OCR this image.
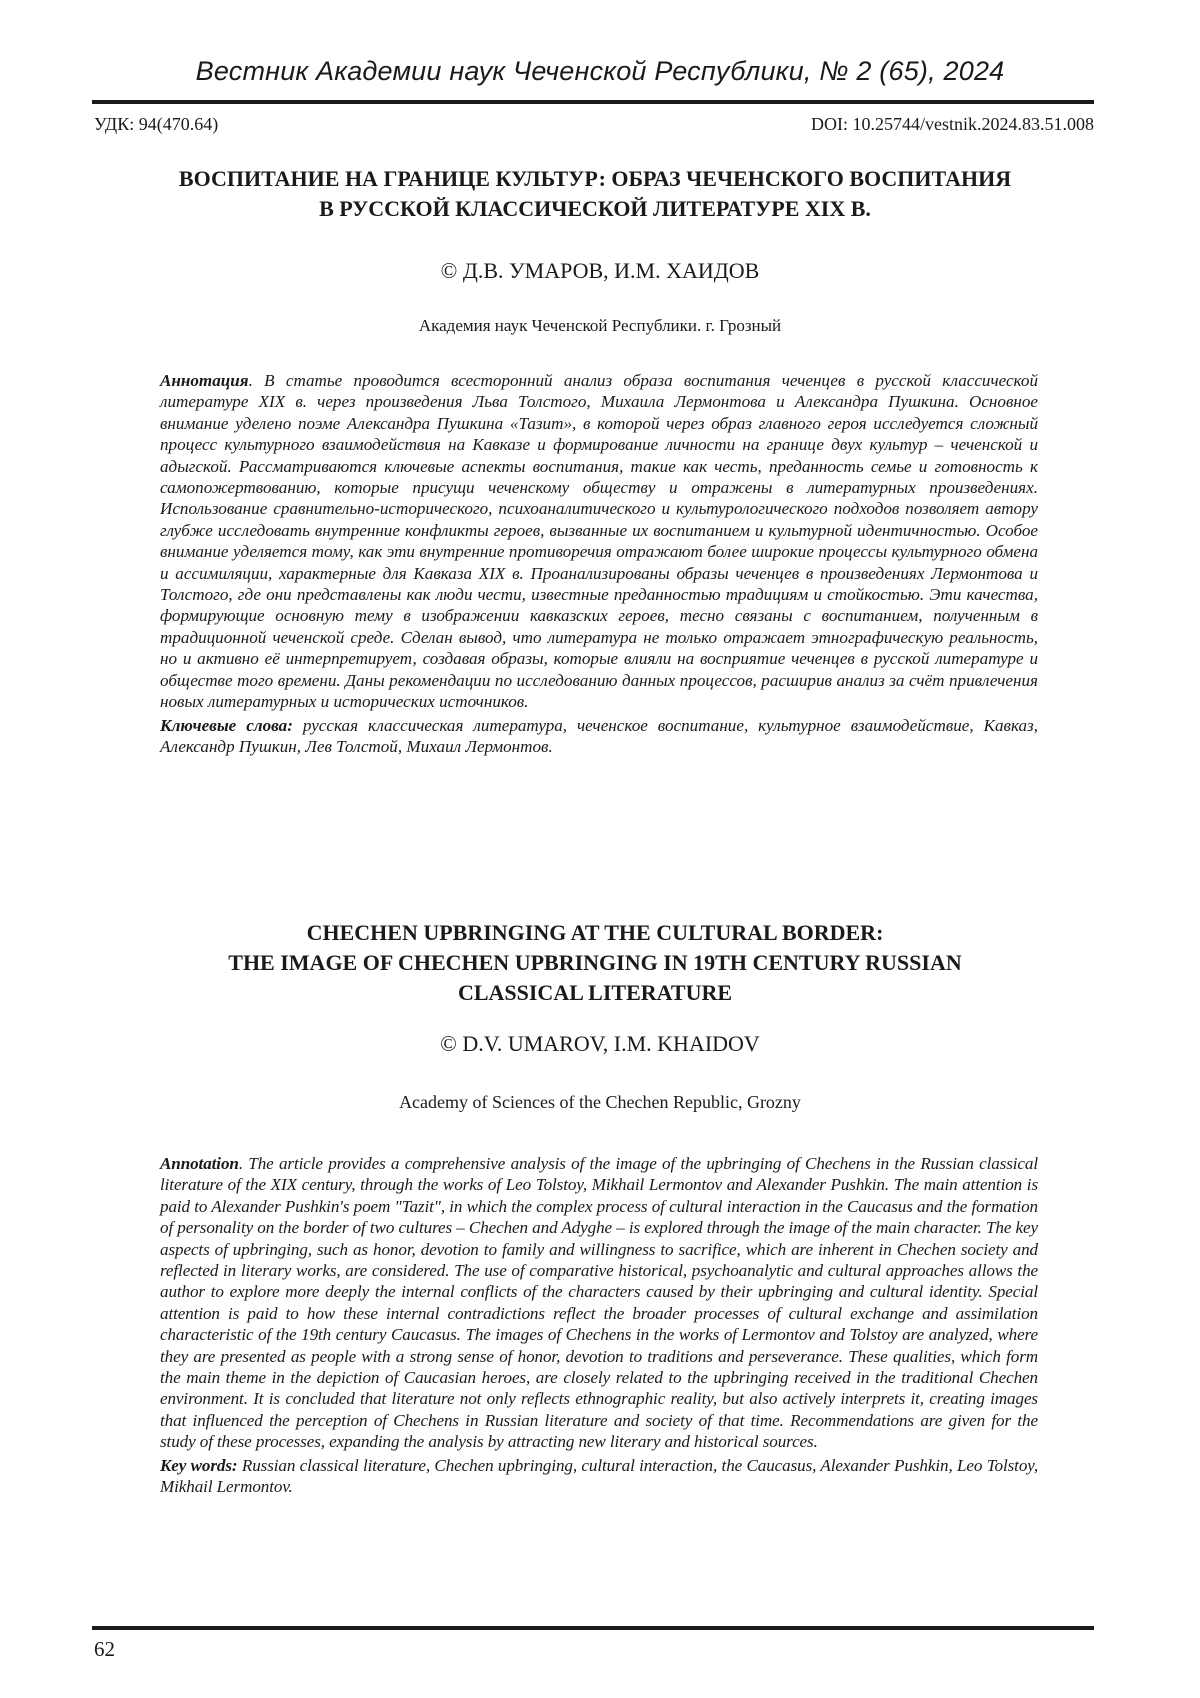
Вестник Академии наук Чеченской Республики, № 2 (65), 2024
УДК: 94(470.64)	DOI: 10.25744/vestnik.2024.83.51.008
ВОСПИТАНИЕ НА ГРАНИЦЕ КУЛЬТУР: ОБРАЗ ЧЕЧЕНСКОГО ВОСПИТАНИЯ
В РУССКОЙ КЛАССИЧЕСКОЙ ЛИТЕРАТУРЕ XIX В.
© Д.В. УМАРОВ, И.М. ХАИДОВ
Академия наук Чеченской Республики. г. Грозный
Аннотация. В статье проводится всесторонний анализ образа воспитания чеченцев в русской классической литературе XIX в. через произведения Льва Толстого, Михаила Лермонтова и Александра Пушкина. Основное внимание уделено поэме Александра Пушкина «Тазит», в которой через образ главного героя исследуется сложный процесс культурного взаимодействия на Кавказе и формирование личности на границе двух культур – чеченской и адыгской. Рассматриваются ключевые аспекты воспитания, такие как честь, преданность семье и готовность к самопожертвованию, которые присущи чеченскому обществу и отражены в литературных произведениях. Использование сравнительно-исторического, психоаналитического и культурологического подходов позволяет автору глубже исследовать внутренние конфликты героев, вызванные их воспитанием и культурной идентичностью. Особое внимание уделяется тому, как эти внутренние противоречия отражают более широкие процессы культурного обмена и ассимиляции, характерные для Кавказа XIX в. Проанализированы образы чеченцев в произведениях Лермонтова и Толстого, где они представлены как люди чести, известные преданностью традициям и стойкостью. Эти качества, формирующие основную тему в изображении кавказских героев, тесно связаны с воспитанием, полученным в традиционной чеченской среде. Сделан вывод, что литература не только отражает этнографическую реальность, но и активно её интерпретирует, создавая образы, которые влияли на восприятие чеченцев в русской литературе и обществе того времени. Даны рекомендации по исследованию данных процессов, расширив анализ за счёт привлечения новых литературных и исторических источников.
Ключевые слова: русская классическая литература, чеченское воспитание, культурное взаимодействие, Кавказ, Александр Пушкин, Лев Толстой, Михаил Лермонтов.
CHECHEN UPBRINGING AT THE CULTURAL BORDER:
THE IMAGE OF CHECHEN UPBRINGING IN 19TH CENTURY RUSSIAN
CLASSICAL LITERATURE
© D.V. UMAROV, I.M. KHAIDOV
Academy of Sciences of the Chechen Republic, Grozny
Annotation. The article provides a comprehensive analysis of the image of the upbringing of Chechens in the Russian classical literature of the XIX century, through the works of Leo Tolstoy, Mikhail Lermontov and Alexander Pushkin. The main attention is paid to Alexander Pushkin's poem "Tazit", in which the complex process of cultural interaction in the Caucasus and the formation of personality on the border of two cultures – Chechen and Adyghe – is explored through the image of the main character. The key aspects of upbringing, such as honor, devotion to family and willingness to sacrifice, which are inherent in Chechen society and reflected in literary works, are considered. The use of comparative historical, psychoanalytic and cultural approaches allows the author to explore more deeply the internal conflicts of the characters caused by their upbringing and cultural identity. Special attention is paid to how these internal contradictions reflect the broader processes of cultural exchange and assimilation characteristic of the 19th century Caucasus. The images of Chechens in the works of Lermontov and Tolstoy are analyzed, where they are presented as people with a strong sense of honor, devotion to traditions and perseverance. These qualities, which form the main theme in the depiction of Caucasian heroes, are closely related to the upbringing received in the traditional Chechen environment. It is concluded that literature not only reflects ethnographic reality, but also actively interprets it, creating images that influenced the perception of Chechens in Russian literature and society of that time. Recommendations are given for the study of these processes, expanding the analysis by attracting new literary and historical sources.
Key words: Russian classical literature, Chechen upbringing, cultural interaction, the Caucasus, Alexander Pushkin, Leo Tolstoy, Mikhail Lermontov.
62
